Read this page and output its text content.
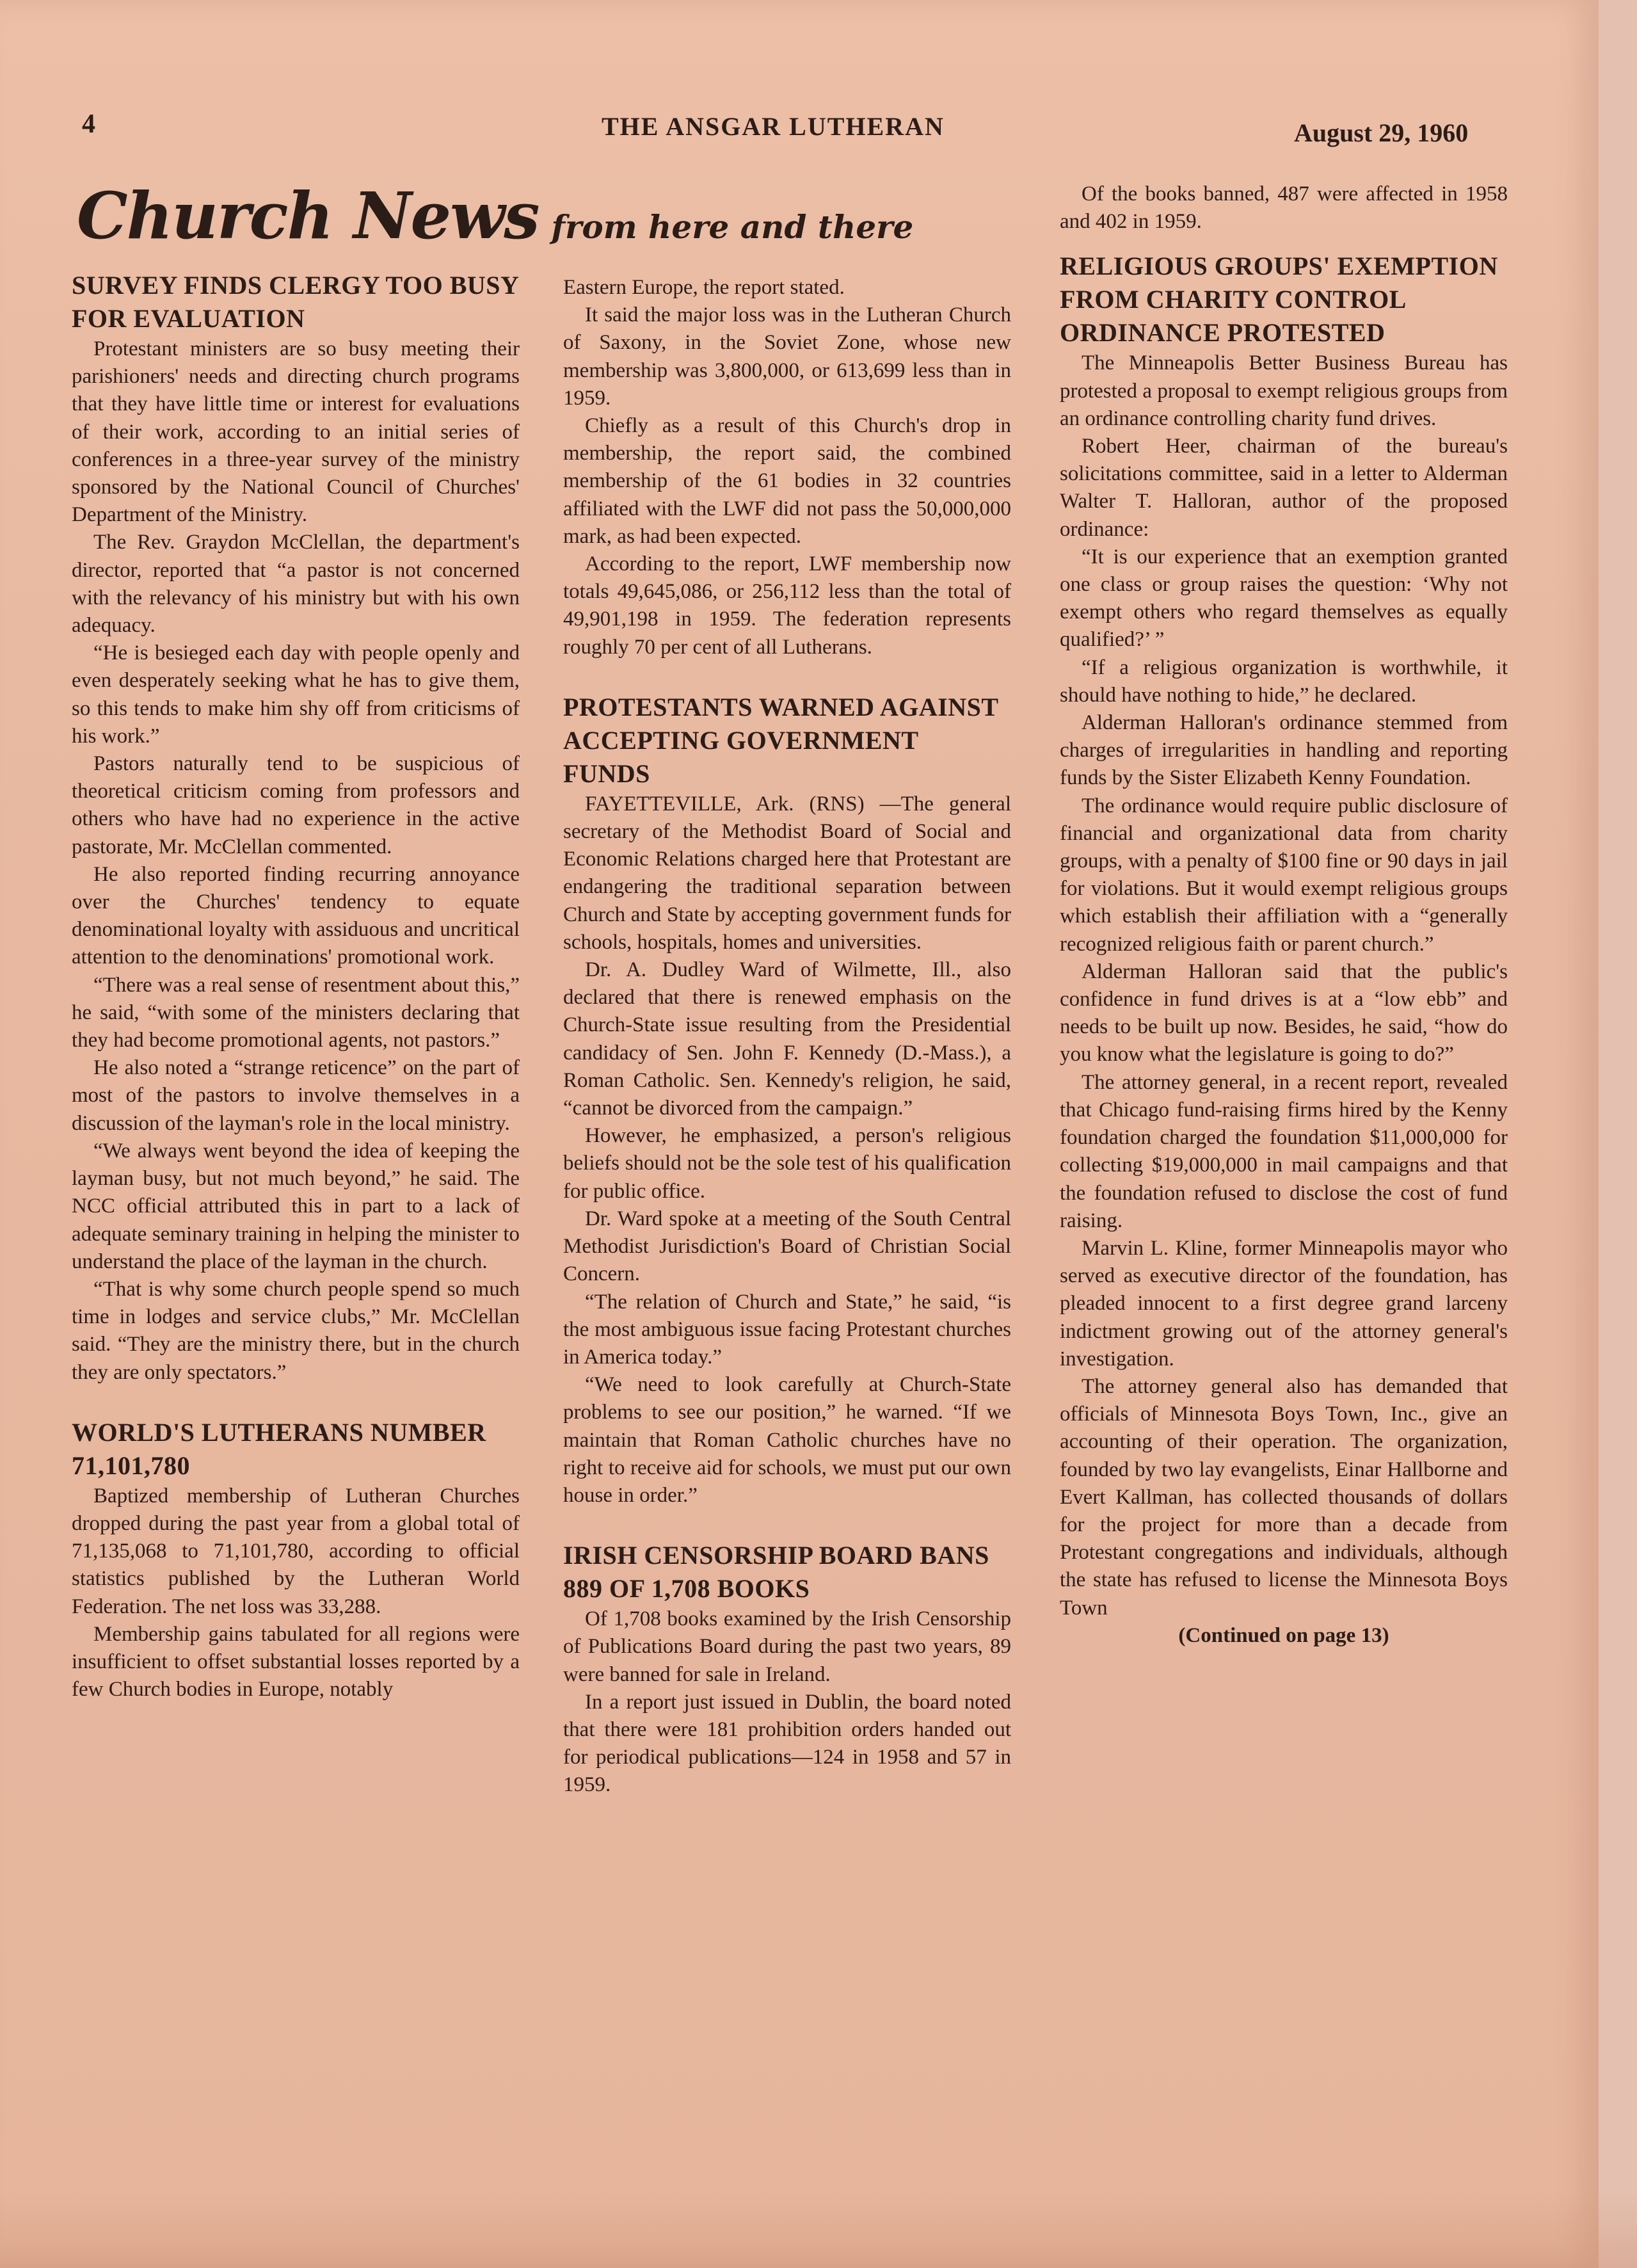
4	THE ANSGAR LUTHERAN	August 29, 1960
Church News from here and there
SURVEY FINDS CLERGY TOO BUSY FOR EVALUATION

Protestant ministers are so busy meeting their parishioners' needs and directing church programs that they have little time or interest for evaluations of their work, according to an initial series of conferences in a three-year survey of the ministry sponsored by the National Council of Churches' Department of the Ministry.

The Rev. Graydon McClellan, the department's director, reported that “a pastor is not concerned with the relevancy of his ministry but with his own adequacy.

“He is besieged each day with people openly and even desperately seeking what he has to give them, so this tends to make him shy off from criticisms of his work.”

Pastors naturally tend to be suspicious of theoretical criticism coming from professors and others who have had no experience in the active pastorate, Mr. McClellan commented.

He also reported finding recurring annoyance over the Churches' tendency to equate denominational loyalty with assiduous and uncritical attention to the denominations' promotional work.

“There was a real sense of resentment about this,” he said, “with some of the ministers declaring that they had become promotional agents, not pastors.”

He also noted a “strange reticence” on the part of most of the pastors to involve themselves in a discussion of the layman's role in the local ministry.

“We always went beyond the idea of keeping the layman busy, but not much beyond,” he said. The NCC official attributed this in part to a lack of adequate seminary training in helping the minister to understand the place of the layman in the church.

“That is why some church people spend so much time in lodges and service clubs,” Mr. McClellan said. “They are the ministry there, but in the church they are only spectators.”

WORLD'S LUTHERANS NUMBER 71,101,780

Baptized membership of Lutheran Churches dropped during the past year from a global total of 71,135,068 to 71,101,780, according to official statistics published by the Lutheran World Federation. The net loss was 33,288.

Membership gains tabulated for all regions were insufficient to offset substantial losses reported by a few Church bodies in Europe, notably

Eastern Europe, the report stated.

It said the major loss was in the Lutheran Church of Saxony, in the Soviet Zone, whose new membership was 3,800,000, or 613,699 less than in 1959.

Chiefly as a result of this Church's drop in membership, the report said, the combined membership of the 61 bodies in 32 countries affiliated with the LWF did not pass the 50,000,000 mark, as had been expected.

According to the report, LWF membership now totals 49,645,086, or 256,112 less than the total of 49,901,198 in 1959. The federation represents roughly 70 per cent of all Lutherans.

PROTESTANTS WARNED AGAINST ACCEPTING GOVERNMENT FUNDS

FAYETTEVILLE, Ark. (RNS) —The general secretary of the Methodist Board of Social and Economic Relations charged here that Protestant are endangering the traditional separation between Church and State by accepting government funds for schools, hospitals, homes and universities.

Dr. A. Dudley Ward of Wilmette, Ill., also declared that there is renewed emphasis on the Church-State issue resulting from the Presidential candidacy of Sen. John F. Kennedy (D.-Mass.), a Roman Catholic. Sen. Kennedy's religion, he said, “cannot be divorced from the campaign.”

However, he emphasized, a person's religious beliefs should not be the sole test of his qualification for public office.

Dr. Ward spoke at a meeting of the South Central Methodist Jurisdiction's Board of Christian Social Concern.

“The relation of Church and State,” he said, “is the most ambiguous issue facing Protestant churches in America today.”

“We need to look carefully at Church-State problems to see our position,” he warned. “If we maintain that Roman Catholic churches have no right to receive aid for schools, we must put our own house in order.”

IRISH CENSORSHIP BOARD BANS 889 OF 1,708 BOOKS

Of 1,708 books examined by the Irish Censorship of Publications Board during the past two years, 89 were banned for sale in Ireland.

In a report just issued in Dublin, the board noted that there were 181 prohibition orders handed out for periodical publications—124 in 1958 and 57 in 1959.

Of the books banned, 487 were affected in 1958 and 402 in 1959.

RELIGIOUS GROUPS' EXEMPTION FROM CHARITY CONTROL ORDINANCE PROTESTED

The Minneapolis Better Business Bureau has protested a proposal to exempt religious groups from an ordinance controlling charity fund drives.

Robert Heer, chairman of the bureau's solicitations committee, said in a letter to Alderman Walter T. Halloran, author of the proposed ordinance:

“It is our experience that an exemption granted one class or group raises the question: ‘Why not exempt others who regard themselves as equally qualified?’ ”

“If a religious organization is worthwhile, it should have nothing to hide,” he declared.

Alderman Halloran's ordinance stemmed from charges of irregularities in handling and reporting funds by the Sister Elizabeth Kenny Foundation.

The ordinance would require public disclosure of financial and organizational data from charity groups, with a penalty of $100 fine or 90 days in jail for violations. But it would exempt religious groups which establish their affiliation with a “generally recognized religious faith or parent church.”

Alderman Halloran said that the public's confidence in fund drives is at a “low ebb” and needs to be built up now. Besides, he said, “how do you know what the legislature is going to do?”

The attorney general, in a recent report, revealed that Chicago fund-raising firms hired by the Kenny foundation charged the foundation $11,000,000 for collecting $19,000,000 in mail campaigns and that the foundation refused to disclose the cost of fund raising.

Marvin L. Kline, former Minneapolis mayor who served as executive director of the foundation, has pleaded innocent to a first degree grand larceny indictment growing out of the attorney general's investigation.

The attorney general also has demanded that officials of Minnesota Boys Town, Inc., give an accounting of their operation. The organization, founded by two lay evangelists, Einar Hallborne and Evert Kallman, has collected thousands of dollars for the project for more than a decade from Protestant congregations and individuals, although the state has refused to license the Minnesota Boys Town

(Continued on page 13)
